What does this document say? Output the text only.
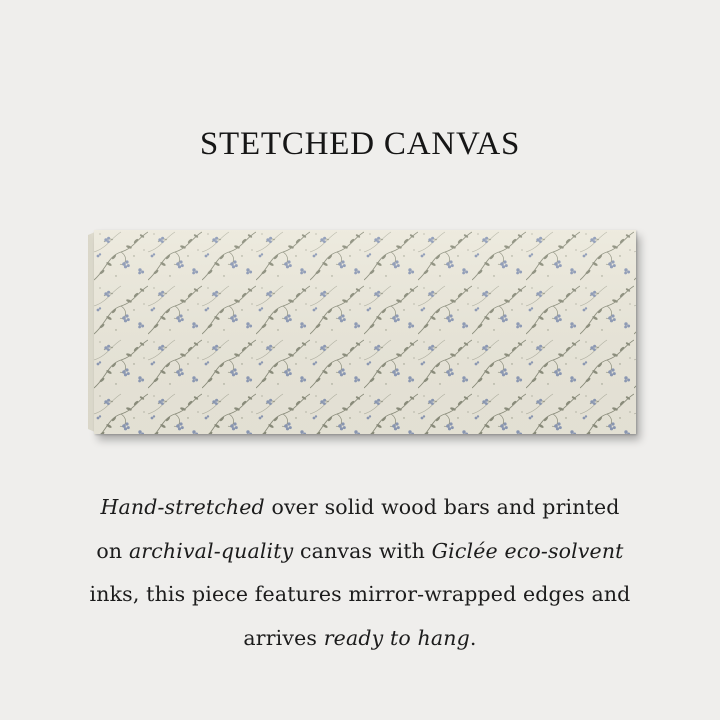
STETCHED CANVAS
Hand-stretched over solid wood bars and printed
on archival-quality canvas with Giclée eco-solvent
inks, this piece features mirror-wrapped edges and
arrives ready to hang.
